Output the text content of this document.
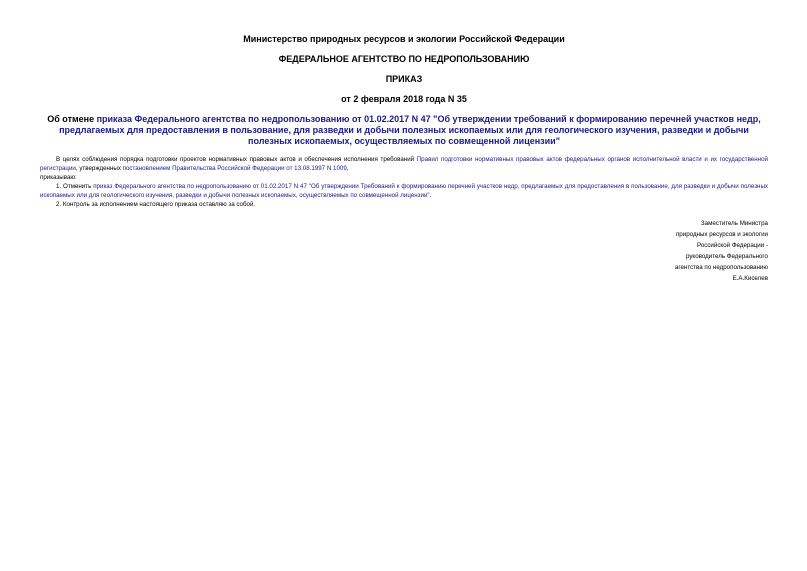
Министерство природных ресурсов и экологии Российской Федерации
ФЕДЕРАЛЬНОЕ АГЕНТСТВО ПО НЕДРОПОЛЬЗОВАНИЮ
ПРИКАЗ
от 2 февраля 2018 года N 35
Об отмене приказа Федерального агентства по недропользованию от 01.02.2017 N 47 "Об утверждении требований к формированию перечней участков недр, предлагаемых для предоставления в пользование, для разведки и добычи полезных ископаемых или для геологического изучения, разведки и добычи полезных ископаемых, осуществляемых по совмещенной лицензии"

В целях соблюдения порядка подготовки проектов нормативных правовых актов и обеспечения исполнения требований Правил подготовки нормативных правовых актов федеральных органов исполнительной власти и их государственной регистрации, утвержденных постановлением Правительства Российской Федерации от 13.08.1997 N 1009,

приказываю:

1. Отменить приказ Федерального агентства по недропользованию от 01.02.2017 N 47 "Об утверждении Требований к формированию перечней участков недр, предлагаемых для предоставления в пользование, для разведки и добычи полезных ископаемых или для геологического изучения, разведки и добычи полезных ископаемых, осуществляемых по совмещенной лицензии".

2. Контроль за исполнением настоящего приказа оставляю за собой.

Заместитель Министра
природных ресурсов и экологии
Российской Федерации -
руководитель Федерального
агентства по недропользованию
Е.А.Киселев
